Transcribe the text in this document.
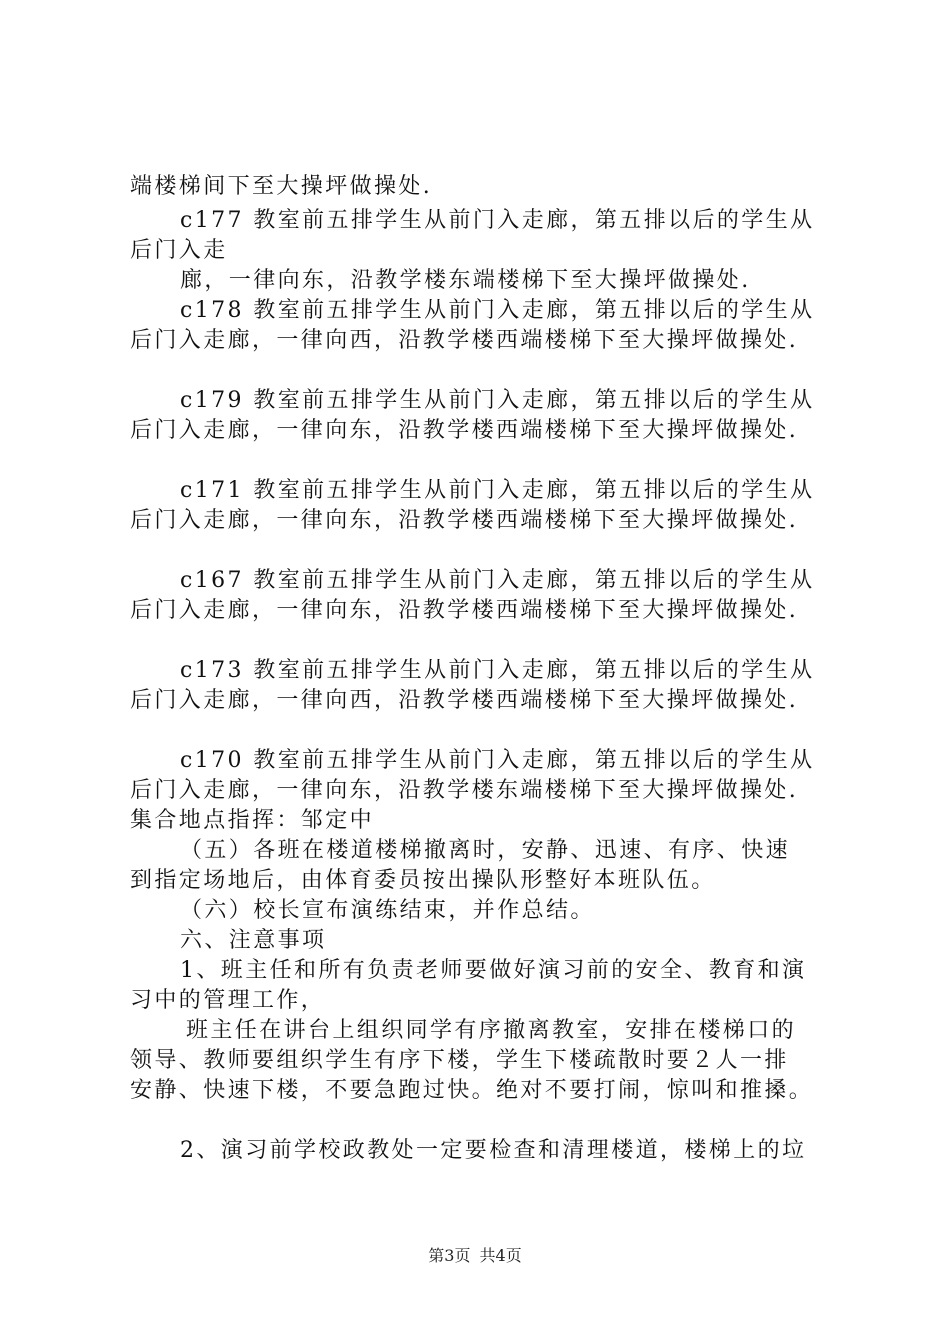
端楼梯间下至大操坪做操处.
c177 教室前五排学生从前门入走廊，第五排以后的学生从
后门入走
廊，一律向东，沿教学楼东端楼梯下至大操坪做操处.
c178 教室前五排学生从前门入走廊，第五排以后的学生从
后门入走廊，一律向西，沿教学楼西端楼梯下至大操坪做操处.
c179 教室前五排学生从前门入走廊，第五排以后的学生从
后门入走廊，一律向东，沿教学楼西端楼梯下至大操坪做操处.
c171 教室前五排学生从前门入走廊，第五排以后的学生从
后门入走廊，一律向东，沿教学楼西端楼梯下至大操坪做操处.
c167 教室前五排学生从前门入走廊，第五排以后的学生从
后门入走廊，一律向东，沿教学楼西端楼梯下至大操坪做操处.
c173 教室前五排学生从前门入走廊，第五排以后的学生从
后门入走廊，一律向西，沿教学楼西端楼梯下至大操坪做操处.
c170 教室前五排学生从前门入走廊，第五排以后的学生从
后门入走廊，一律向东，沿教学楼东端楼梯下至大操坪做操处.
集合地点指挥：邹定中
（五）各班在楼道楼梯撤离时，安静、迅速、有序、快速
到指定场地后，由体育委员按出操队形整好本班队伍。
（六）校长宣布演练结束，并作总结。
六、注意事项
1、班主任和所有负责老师要做好演习前的安全、教育和演
习中的管理工作，
班主任在讲台上组织同学有序撤离教室，安排在楼梯口的
领导、教师要组织学生有序下楼，学生下楼疏散时要２人一排
安静、快速下楼，不要急跑过快。绝对不要打闹，惊叫和推搡。
2、演习前学校政教处一定要检查和清理楼道，楼梯上的垃
第3页 共4页
